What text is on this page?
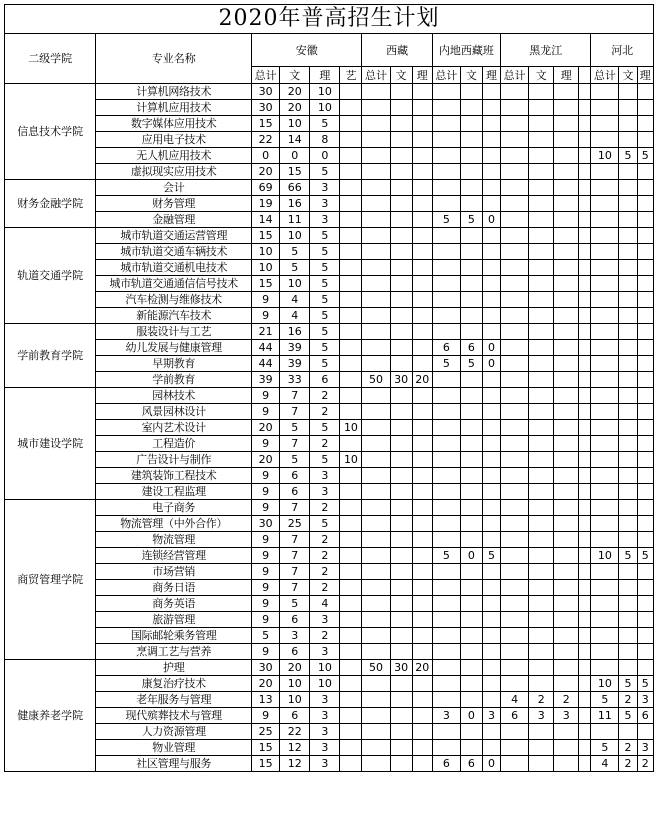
2020年普高招生计划																		
二级学院	专业名称	安徽				西藏			内地西藏班			黑龙江				河北		
		总计	文	理	艺	总计	文	理	总计	文	理	总计	文	理		总计	文	理
信息技术学院	计算机网络技术	30	20	10														
	计算机应用技术	30	20	10														
	数字媒体应用技术	15	10	5														
	应用电子技术	22	14	8														
	无人机应用技术	0	0	0												10	5	5
	虚拟现实应用技术	20	15	5														
财务金融学院	会计	69	66	3														
	财务管理	19	16	3														
	金融管理	14	11	3					5	5	0							
轨道交通学院	城市轨道交通运营管理	15	10	5														
	城市轨道交通车辆技术	10	5	5														
	城市轨道交通机电技术	10	5	5														
	城市轨道交通通信信号技术	15	10	5														
	汽车检测与维修技术	9	4	5														
	新能源汽车技术	9	4	5														
学前教育学院	服装设计与工艺	21	16	5														
	幼儿发展与健康管理	44	39	5					6	6	0							
	早期教育	44	39	5					5	5	0							
	学前教育	39	33	6		50	30	20										
城市建设学院	园林技术	9	7	2														
	风景园林设计	9	7	2														
	室内艺术设计	20	5	5	10													
	工程造价	9	7	2														
	广告设计与制作	20	5	5	10													
	建筑装饰工程技术	9	6	3														
	建设工程监理	9	6	3														
商贸管理学院	电子商务	9	7	2														
	物流管理（中外合作）	30	25	5														
	物流管理	9	7	2														
	连锁经营管理	9	7	2					5	0	5					10	5	5
	市场营销	9	7	2														
	商务日语	9	7	2														
	商务英语	9	5	4														
	旅游管理	9	6	3														
	国际邮轮乘务管理	5	3	2														
	烹调工艺与营养	9	6	3														
健康养老学院	护理	30	20	10		50	30	20										
	康复治疗技术	20	10	10												10	5	5
	老年服务与管理	13	10	3								4	2	2		5	2	3
	现代殡葬技术与管理	9	6	3					3	0	3	6	3	3		11	5	6
	人力资源管理	25	22	3														
	物业管理	15	12	3												5	2	3
	社区管理与服务	15	12	3					6	6	0					4	2	2
